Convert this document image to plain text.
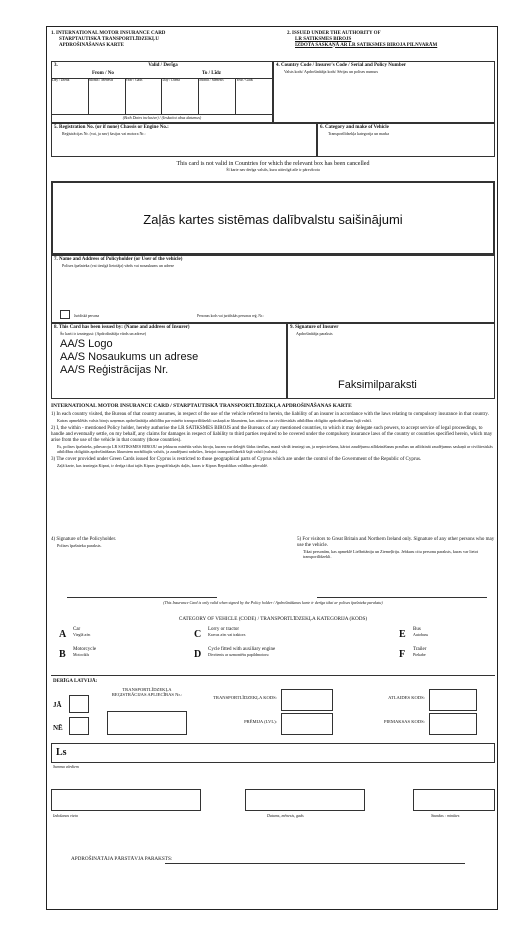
1. INTERNATIONAL MOTOR INSURANCE CARD
STARPTAUTISKĀ TRANSPORTLĪDZEKĻU
APDROŠINĀŠANAS KARTE
2. ISSUED UNDER THE AUTHORITY OF
LR SATIKSMES BIROJS
IZDOTA SASKAŅĀ AR LR SATIKSMES BIROJA PILNVARĀM
3.	Valid / Derīga
From / No	To / Līdz
Day / Diena	Month / Mēnesis	Year / Gads	Day / Diena	Month / Mēnesis	Year / Gads
(Both Dates inclusive) / (Ieskaitot abus datumus)
4. Country Code / Insurer's Code / Serial and Policy Number
Valsts kods/ Apdrošinātāja kods/ Sērijas un polises numurs
5. Registration No. (or if none) Chassis or Engine No.:
Reģistrācijas Nr. (vai, ja nav) šasijas vai motora Nr.:
6. Category and make of Vehicle
Transportlīdzekļa kategorija un marka
This card is not valid in Countries for which the relevant box has been cancelled
Šī karte nav derīga valstīs, kuru attiecīgā aile ir pārsvītrota
Zaļās kartes sistēmas dalībvalstu saišinājumi
7. Name and Address of Policyholder (or User of the vehicle)
Polises īpašnieka (vai tiesīgā lietotāja) vārds vai nosaukums un adrese
Juridiskā persona	Personas kods vai juridiskās personas reģ. Nr.:
8. This Card has been issued by: (Name and address of Insurer)
Šo karti ir izsniegusi: (Apdrošinātāja vārds un adrese)
AA/S Logo
AA/S Nosaukums un adrese
AA/S Reģistrācijas Nr.
9. Signature of Insurer
Apdrošinātāja paraksts
Faksimilparaksti
INTERNATIONAL MOTOR INSURANCE CARD / STARPTAUTISKĀ TRANSPORTLĪDZEKĻA APDROŠINĀŠANAS KARTE
1) In each country visited, the Bureau of that country assumes, in respect of the use of the vehicle referred to herein, the liability of an insurer in accordance with the laws relating to compulsory insurance in that country.
Katras apmeklētās valsts birojs uzņemas apdrošinātāja atbildību par minēto transportlīdzekli saskaņā ar likumiem, kas attiecas uz civiltiesiskās atbildības obligāto apdrošināšanu šajā valstī.
2) I, the within - mentioned Policy holder, hereby authorise the LR SATIKSMES BIROJS and the Bureaux of any mentioned countries, to which it may delegate such powers, to accept service of legal proceedings, to handle and eventually settle, on my behalf, any claims for damages in respect of liability to third parties required to be covered under the compulsory insurance laws of the country or countries specified herein, which may arise from the use of the vehicle in that country (those countries).
Es, polises īpašnieks, pilnvaroju LR SATIKSMES BIROJU un jebkuras minētās valsts biroju, kuram var deleģēt šādas tiesības, manā vārdā iesniegt un, ja nepieciešams, kārtot zaudējumu atlīdzināšanas prasības un atlīdzināt zaudējumus saskaņā ar civiltiesiskās atbildības obligātās apdrošināšanas likumiem norādītajās valstīs, ja zaudējumi radušies, lietojot transportlīdzekli šajā valstī (valstīs).
3) The cover provided under Green Cards issued for Cyprus is restricted to those geographical parts of Cyprus which are under the control of the Government of the Republic of Cyprus.
Zaļā karte, kas izsniegta Kiprai, ir derīga tikai tajās Kipras ģeogrāfiskajās daļās, kuras ir Kipras Republikas valdības pārvaldē.
4) Signature of the Policyholder.
Polises īpašnieka paraksts.
5) For visitors to Great Britain and Northern Ireland only. Signature of any other persons who may use the vehicle.
Tikai personām, kas apmeklē Lielbritāniju un Ziemeļīriju. Jebkuru citu personu paraksts, kuras var lietot transportlīdzekli.
(This Insurance Card is only valid when signed by the Policy holder / Apdrošināšanas karte ir derīga tikai ar polises īpašnieka parakstu)
CATEGORY OF VEHICLE (CODE) / TRANSPORTLĪDZEKĻA KATEGORIJA (KODS)
A Car
Vieglā a/m
B Motorcycle
Motocikls
C Lorry or tractor
Kravas a/m vai traktors
D Cycle fitted with auxiliary engine
Divritenis ar uzmontētu papildmotoru
E Bus
Autobuss
F Trailer
Piekabe
DERĪGA LATVIJĀ:
JĀ
NĒ
TRANSPORTLĪDZEKĻA REĢISTRĀCIJAS APLIECĪBAS Nr.:
TRANSPORTLĪDZEKĻA KODS:
PRĒMIJA (LVL):
ATLAIDES KODS:
PIEMAKSAS KODS:
Ls
Summa vārdiem
Izdošanas vieta	Datums, mēnesis, gads	Stundas : minūtes
APDROŠINĀTĀJA PĀRSTĀVJA PARAKSTS:
